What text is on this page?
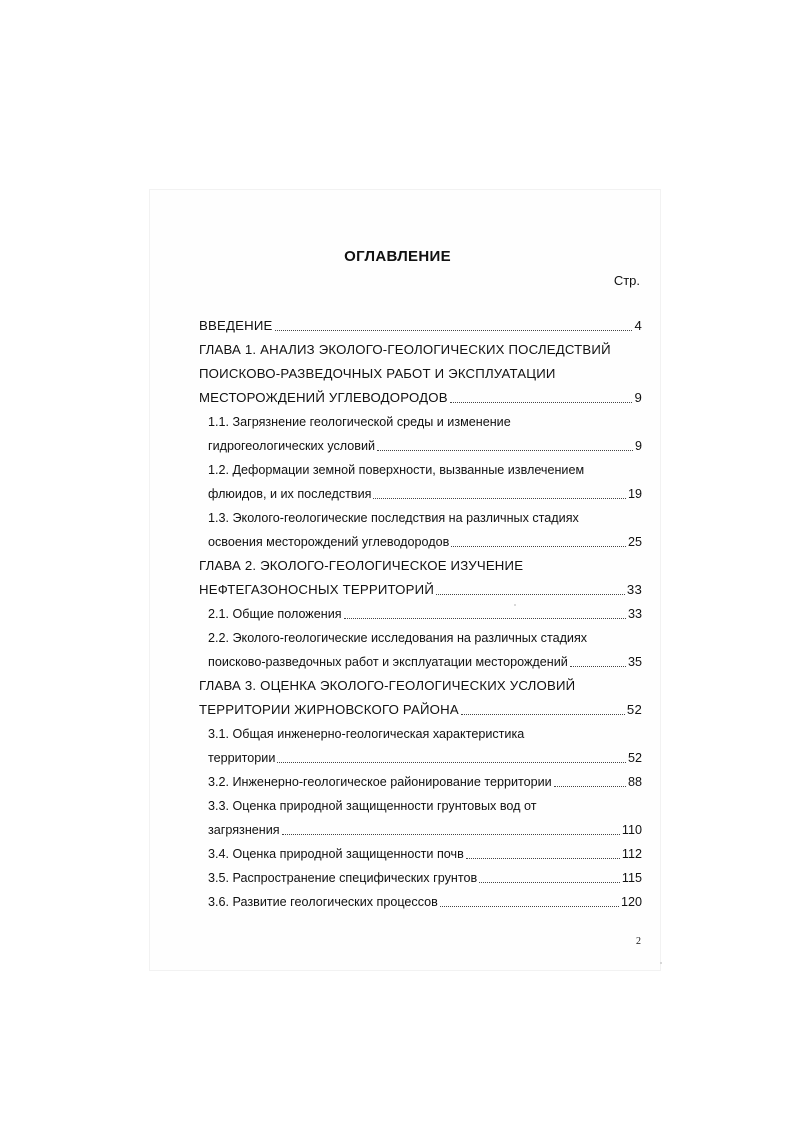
ОГЛАВЛЕНИЕ
Стр.
ВВЕДЕНИЕ	4
ГЛАВА 1. АНАЛИЗ ЭКОЛОГО-ГЕОЛОГИЧЕСКИХ ПОСЛЕДСТВИЙ
ПОИСКОВО-РАЗВЕДОЧНЫХ РАБОТ И ЭКСПЛУАТАЦИИ
МЕСТОРОЖДЕНИЙ УГЛЕВОДОРОДОВ	9
1.1. Загрязнение геологической среды и изменение
гидрогеологических условий	9
1.2. Деформации земной поверхности, вызванные извлечением
флюидов, и их последствия	19
1.3. Эколого-геологические последствия на различных стадиях
освоения месторождений углеводородов	25
ГЛАВА 2. ЭКОЛОГО-ГЕОЛОГИЧЕСКОЕ ИЗУЧЕНИЕ
НЕФТЕГАЗОНОСНЫХ ТЕРРИТОРИЙ	33
2.1. Общие положения	33
2.2. Эколого-геологические исследования на различных стадиях
поисково-разведочных работ и эксплуатации месторождений	35
ГЛАВА 3. ОЦЕНКА ЭКОЛОГО-ГЕОЛОГИЧЕСКИХ УСЛОВИЙ
ТЕРРИТОРИИ ЖИРНОВСКОГО РАЙОНА	52
3.1. Общая инженерно-геологическая характеристика
территории	52
3.2. Инженерно-геологическое районирование территории	88
3.3. Оценка природной защищенности грунтовых вод от
загрязнения	110
3.4. Оценка природной защищенности почв	112
3.5. Распространение специфических грунтов	115
3.6. Развитие геологических процессов	120
2
